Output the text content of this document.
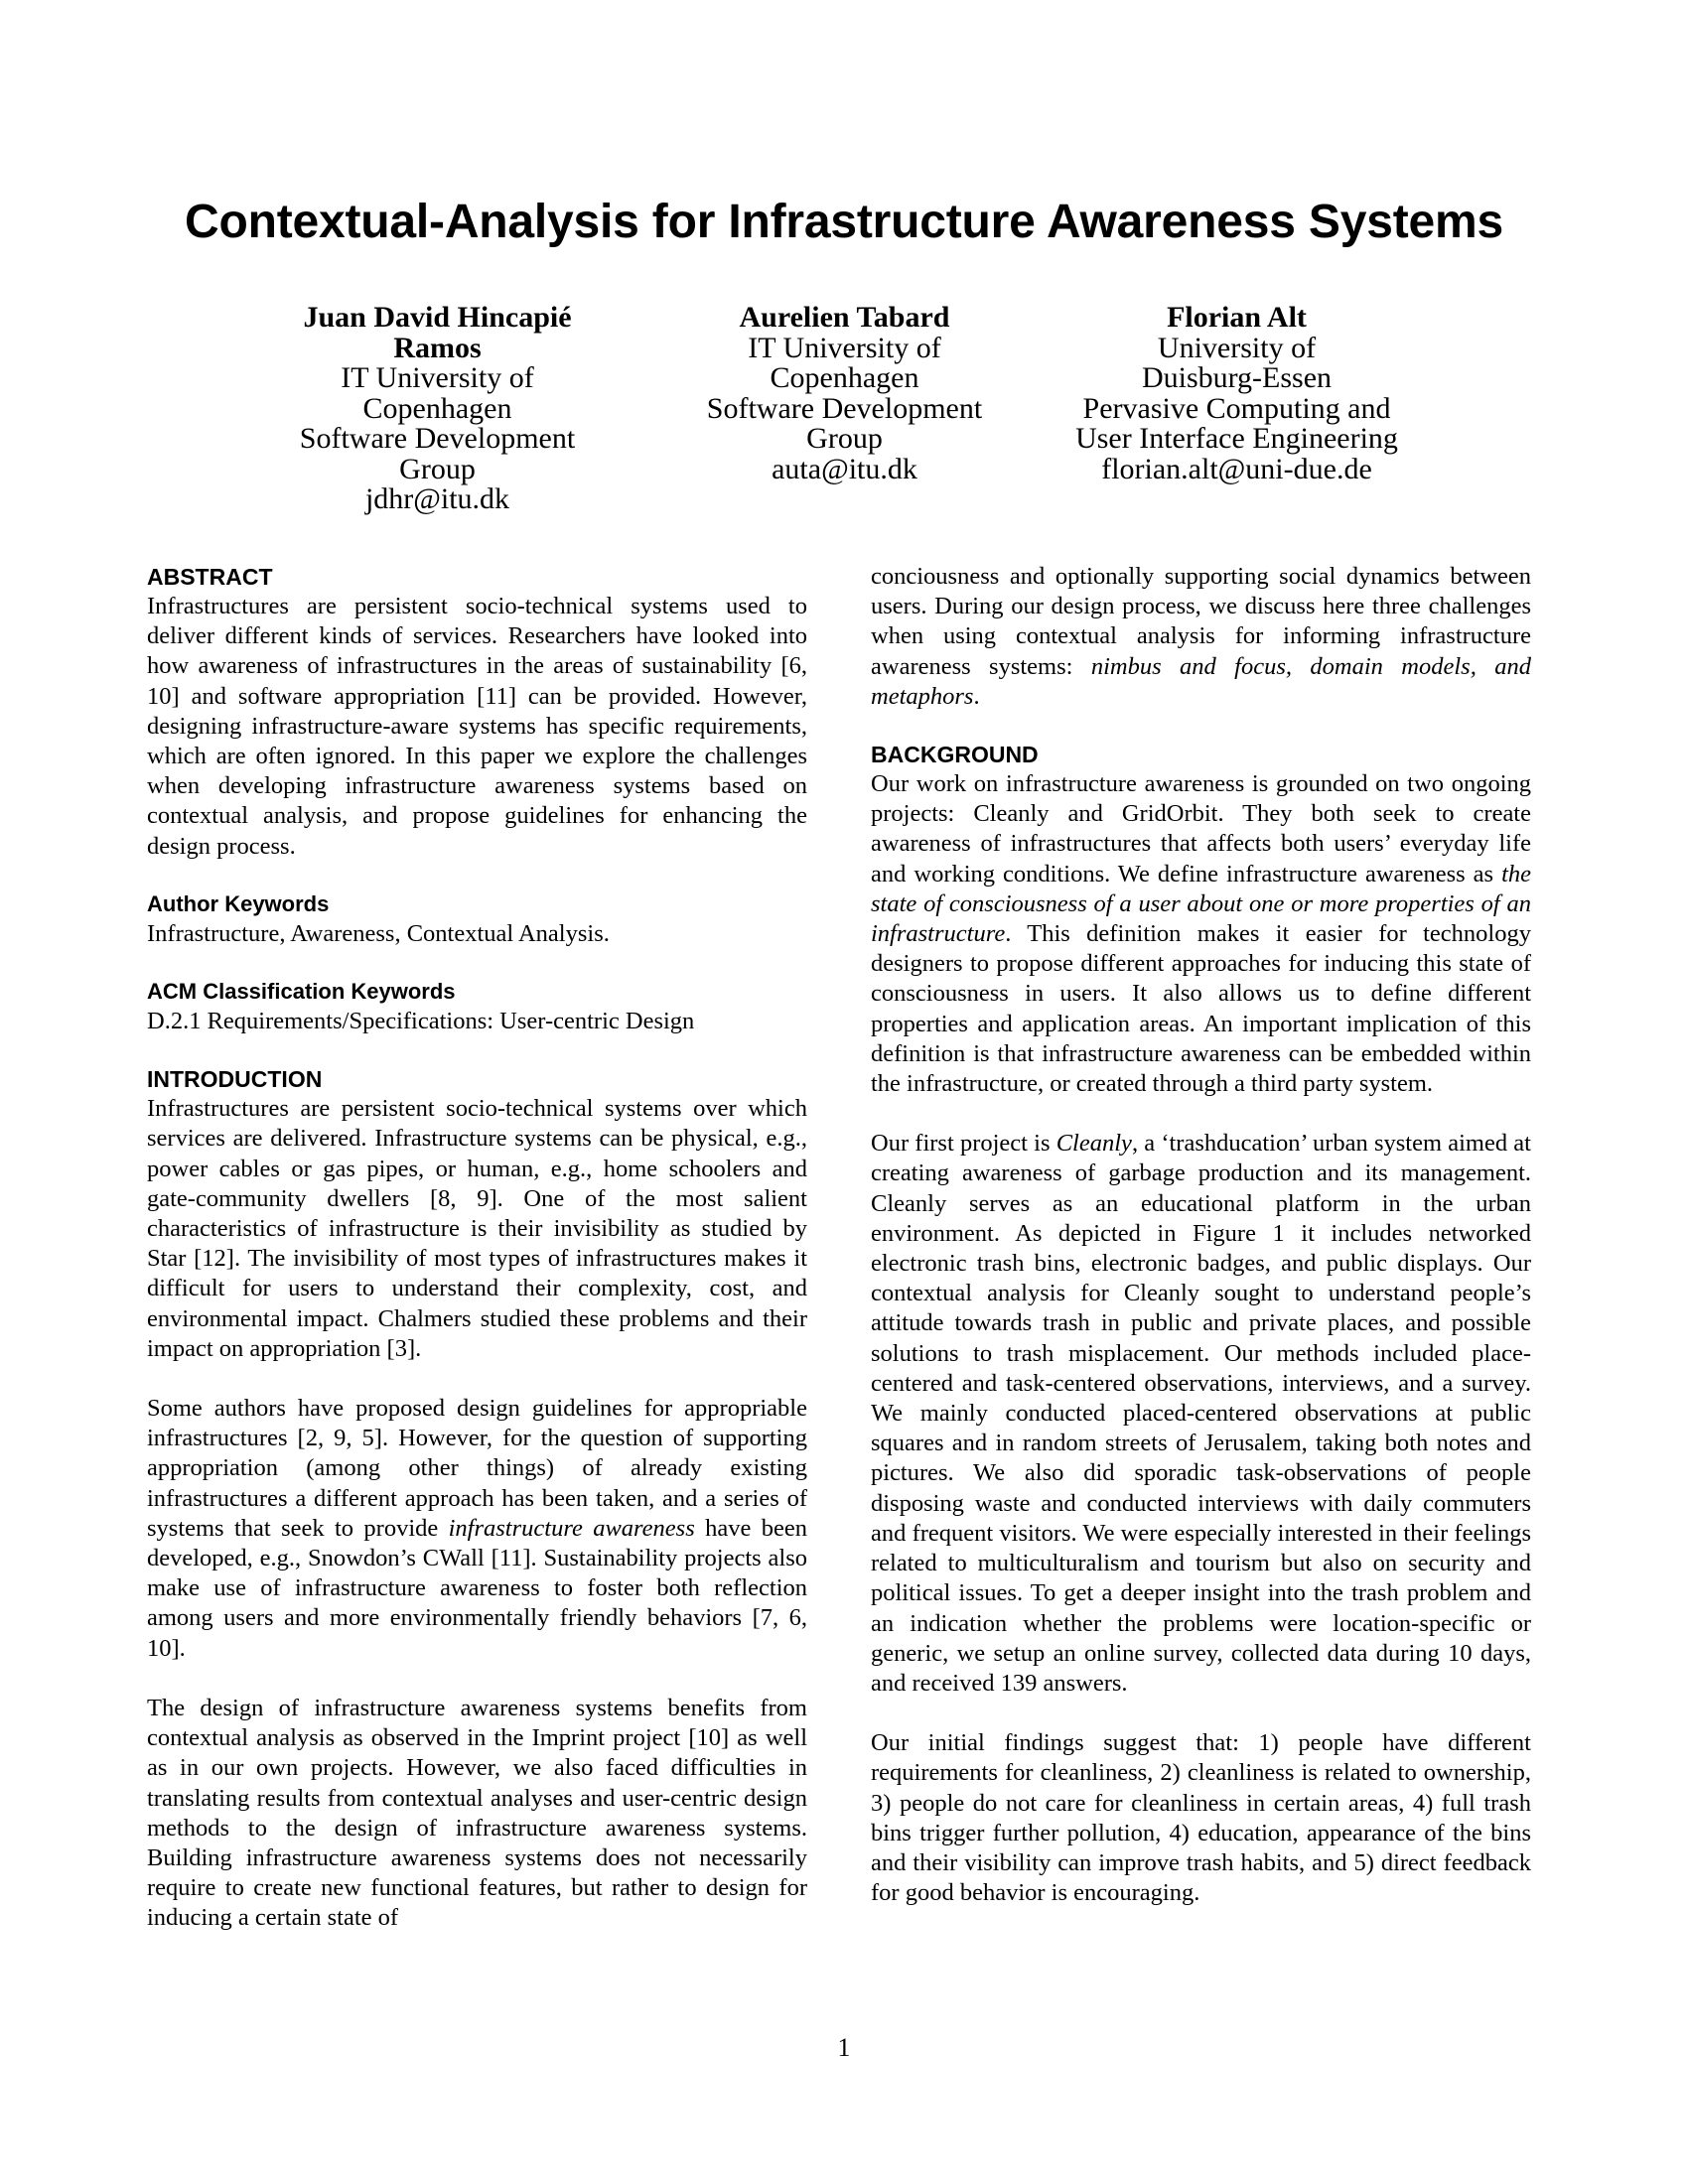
Contextual-Analysis for Infrastructure Awareness Systems
Juan David Hincapié
Ramos
IT University of
Copenhagen
Software Development
Group
jdhr@itu.dk
Aurelien Tabard
IT University of
Copenhagen
Software Development
Group
auta@itu.dk
Florian Alt
University of
Duisburg-Essen
Pervasive Computing and
User Interface Engineering
florian.alt@uni-due.de
ABSTRACT

Infrastructures are persistent socio-technical systems used to deliver different kinds of services. Researchers have looked into how awareness of infrastructures in the areas of sustainability [6, 10] and software appropriation [11] can be provided. However, designing infrastructure-aware systems has specific requirements, which are often ignored. In this paper we explore the challenges when developing infrastructure awareness systems based on contextual analysis, and propose guidelines for enhancing the design process.

Author Keywords

Infrastructure, Awareness, Contextual Analysis.

ACM Classification Keywords

D.2.1 Requirements/Specifications: User-centric Design

INTRODUCTION

Infrastructures are persistent socio-technical systems over which services are delivered. Infrastructure systems can be physical, e.g., power cables or gas pipes, or human, e.g., home schoolers and gate-community dwellers [8, 9]. One of the most salient characteristics of infrastructure is their invisibility as studied by Star [12]. The invisibility of most types of infrastructures makes it difficult for users to understand their complexity, cost, and environmental impact. Chalmers studied these problems and their impact on appropriation [3].

Some authors have proposed design guidelines for appropriable infrastructures [2, 9, 5]. However, for the question of supporting appropriation (among other things) of already existing infrastructures a different approach has been taken, and a series of systems that seek to provide infrastructure awareness have been developed, e.g., Snowdon’s CWall [11]. Sustainability projects also make use of infrastructure awareness to foster both reflection among users and more environmentally friendly behaviors [7, 6, 10].

The design of infrastructure awareness systems benefits from contextual analysis as observed in the Imprint project [10] as well as in our own projects. However, we also faced difficulties in translating results from contextual analyses and user-centric design methods to the design of infrastructure awareness systems. Building infrastructure awareness systems does not necessarily require to create new functional features, but rather to design for inducing a certain state of

conciousness and optionally supporting social dynamics between users. During our design process, we discuss here three challenges when using contextual analysis for informing infrastructure awareness systems: nimbus and focus, domain models, and metaphors.

BACKGROUND

Our work on infrastructure awareness is grounded on two ongoing projects: Cleanly and GridOrbit. They both seek to create awareness of infrastructures that affects both users’ everyday life and working conditions. We define infrastructure awareness as the state of consciousness of a user about one or more properties of an infrastructure. This definition makes it easier for technology designers to propose different approaches for inducing this state of consciousness in users. It also allows us to define different properties and application areas. An important implication of this definition is that infrastructure awareness can be embedded within the infrastructure, or created through a third party system.

Our first project is Cleanly, a ‘trashducation’ urban system aimed at creating awareness of garbage production and its management. Cleanly serves as an educational platform in the urban environment. As depicted in Figure 1 it includes networked electronic trash bins, electronic badges, and public displays. Our contextual analysis for Cleanly sought to understand people’s attitude towards trash in public and private places, and possible solutions to trash misplacement. Our methods included place-centered and task-centered observations, interviews, and a survey. We mainly conducted placed-centered observations at public squares and in random streets of Jerusalem, taking both notes and pictures. We also did sporadic task-observations of people disposing waste and conducted interviews with daily commuters and frequent visitors. We were especially interested in their feelings related to multiculturalism and tourism but also on security and political issues. To get a deeper insight into the trash problem and an indication whether the problems were location-specific or generic, we setup an online survey, collected data during 10 days, and received 139 answers.

Our initial findings suggest that: 1) people have different requirements for cleanliness, 2) cleanliness is related to ownership, 3) people do not care for cleanliness in certain areas, 4) full trash bins trigger further pollution, 4) education, appearance of the bins and their visibility can improve trash habits, and 5) direct feedback for good behavior is encouraging.

1
